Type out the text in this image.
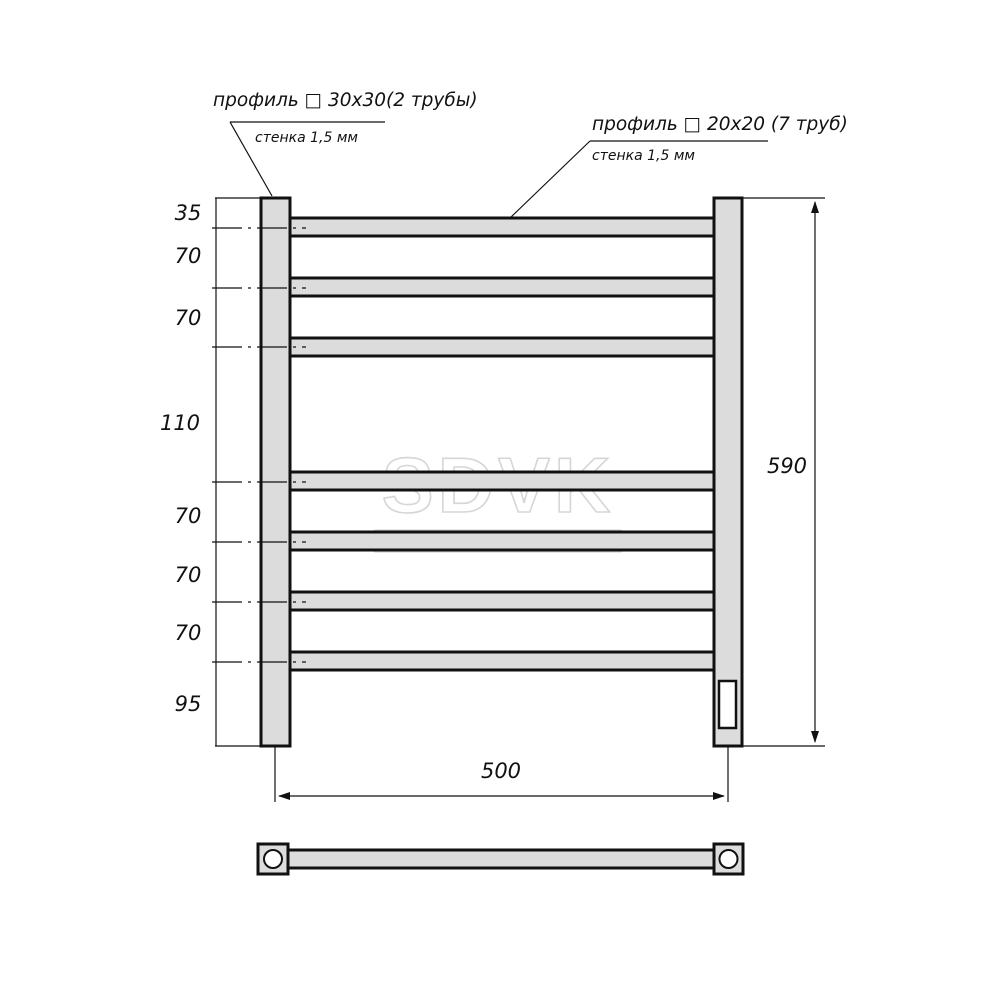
35
70
70
110
70
70
70
95
590
500
профиль □ 30х30(2 трубы)
стенка 1,5 мм
профиль □ 20х20 (7 труб)
стенка 1,5 мм
